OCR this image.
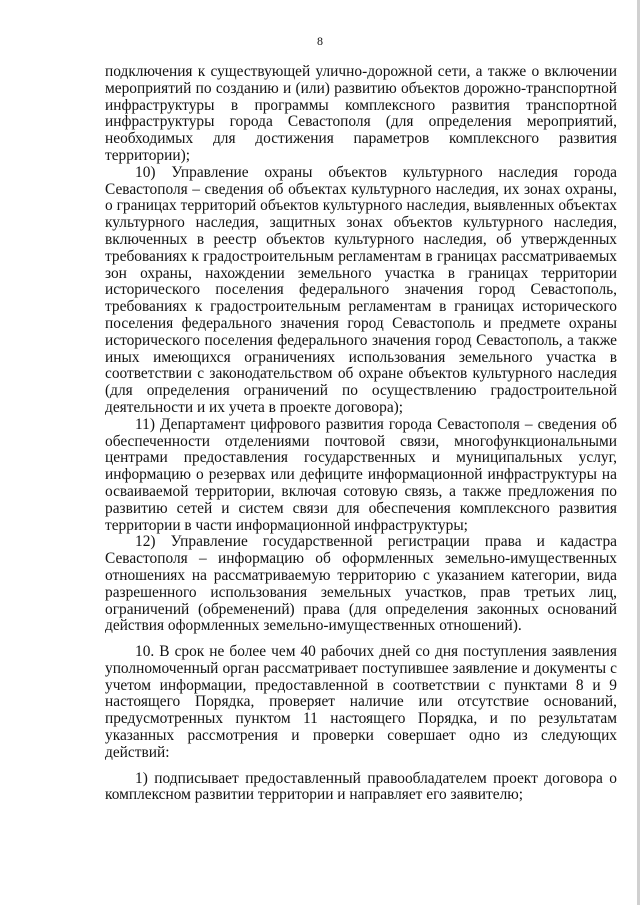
8

подключения к существующей улично-дорожной сети, а также о включении мероприятий по созданию и (или) развитию объектов дорожно-транспортной инфраструктуры в программы комплексного развития транспортной инфраструктуры города Севастополя (для определения мероприятий, необходимых для достижения параметров комплексного развития территории);

10) Управление охраны объектов культурного наследия города Севастополя – сведения об объектах культурного наследия, их зонах охраны, о границах территорий объектов культурного наследия, выявленных объектах культурного наследия, защитных зонах объектов культурного наследия, включенных в реестр объектов культурного наследия, об утвержденных требованиях к градостроительным регламентам в границах рассматриваемых зон охраны, нахождении земельного участка в границах территории исторического поселения федерального значения город Севастополь, требованиях к градостроительным регламентам в границах исторического поселения федерального значения город Севастополь и предмете охраны исторического поселения федерального значения город Севастополь, а также иных имеющихся ограничениях использования земельного участка в соответствии с законодательством об охране объектов культурного наследия (для определения ограничений по осуществлению градостроительной деятельности и их учета в проекте договора);

11) Департамент цифрового развития города Севастополя – сведения об обеспеченности отделениями почтовой связи, многофункциональными центрами предоставления государственных и муниципальных услуг, информацию о резервах или дефиците информационной инфраструктуры на осваиваемой территории, включая сотовую связь, а также предложения по развитию сетей и систем связи для обеспечения комплексного развития территории в части информационной инфраструктуры;

12) Управление государственной регистрации права и кадастра Севастополя – информацию об оформленных земельно-имущественных отношениях на рассматриваемую территорию с указанием категории, вида разрешенного использования земельных участков, прав третьих лиц, ограничений (обременений) права (для определения законных оснований действия оформленных земельно-имущественных отношений).

10. В срок не более чем 40 рабочих дней со дня поступления заявления уполномоченный орган рассматривает поступившее заявление и документы с учетом информации, предоставленной в соответствии с пунктами 8 и 9 настоящего Порядка, проверяет наличие или отсутствие оснований, предусмотренных пунктом 11 настоящего Порядка, и по результатам указанных рассмотрения и проверки совершает одно из следующих действий:

1) подписывает предоставленный правообладателем проект договора о комплексном развитии территории и направляет его заявителю;
